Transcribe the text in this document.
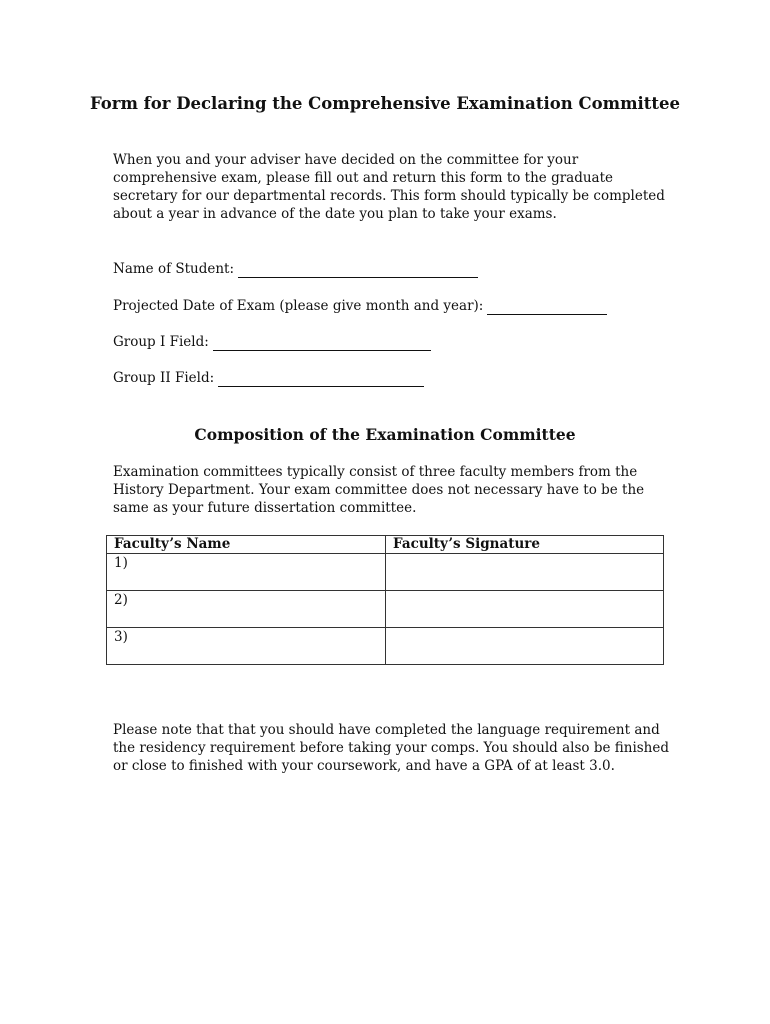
Form for Declaring the Comprehensive Examination Committee

When you and your adviser have decided on the committee for your comprehensive exam, please fill out and return this form to the graduate secretary for our departmental records. This form should typically be completed about a year in advance of the date you plan to take your exams.

Name of Student:
Projected Date of Exam (please give month and year):
Group I Field:
Group II Field:
Composition of the Examination Committee

Examination committees typically consist of three faculty members from the History Department. Your exam committee does not necessary have to be the same as your future dissertation committee.

Faculty’s Name	Faculty’s Signature
1)	
2)	
3)	

Please note that that you should have completed the language requirement and the residency requirement before taking your comps. You should also be finished or close to finished with your coursework, and have a GPA of at least 3.0.
